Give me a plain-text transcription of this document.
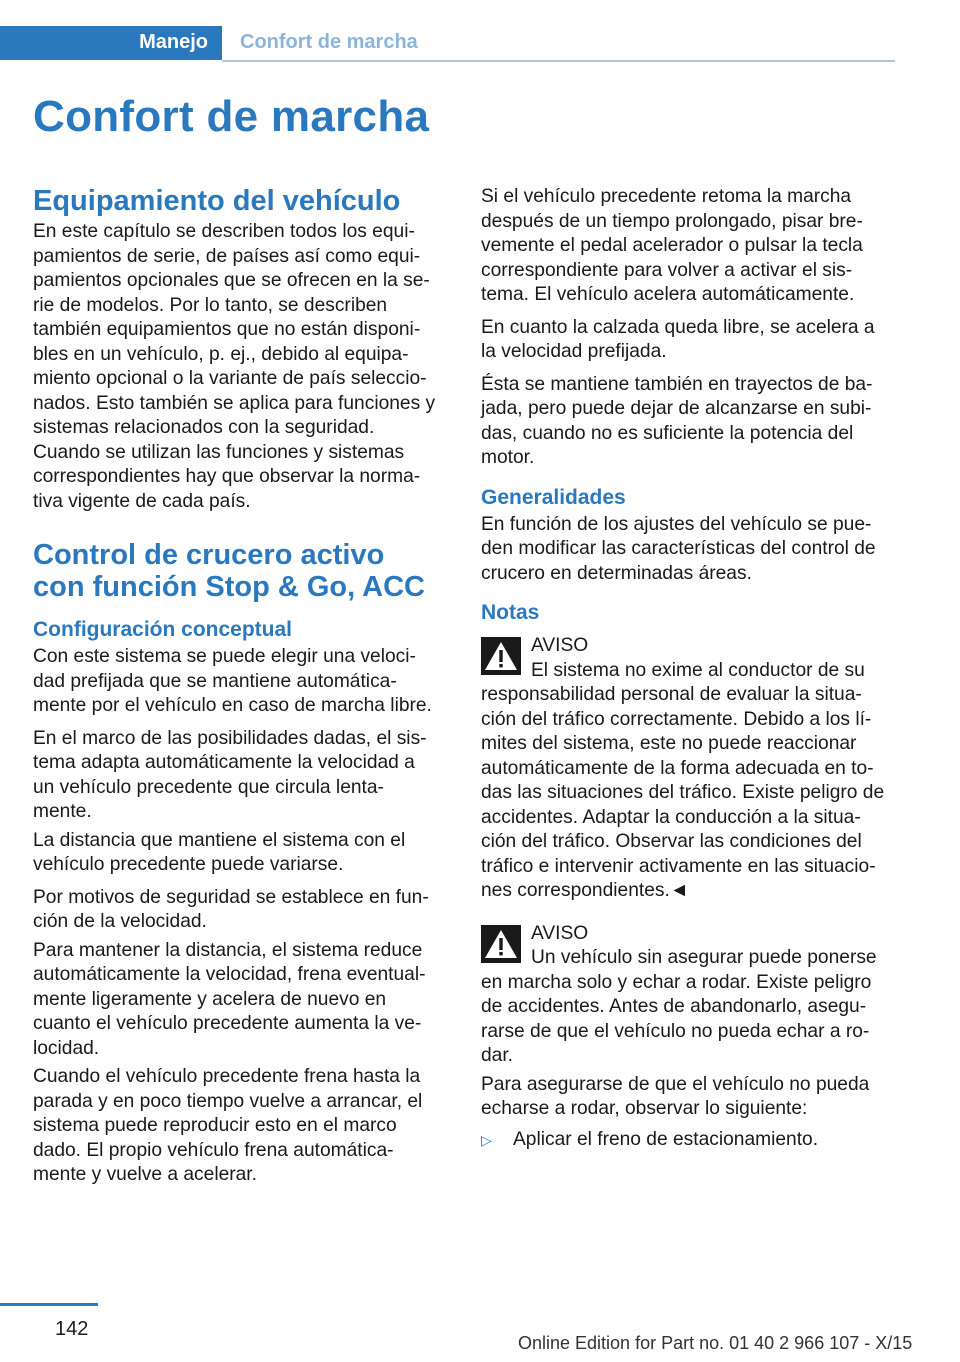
Manejo Confort de marcha
Confort de marcha
Equipamiento del vehículo

En este capítulo se describen todos los equi-
pamientos de serie, de países así como equi-
pamientos opcionales que se ofrecen en la se-
rie de modelos. Por lo tanto, se describen
también equipamientos que no están disponi-
bles en un vehículo, p. ej., debido al equipa-
miento opcional o la variante de país seleccio-
nados. Esto también se aplica para funciones y
sistemas relacionados con la seguridad.
Cuando se utilizan las funciones y sistemas
correspondientes hay que observar la norma-
tiva vigente de cada país.

Control de crucero activo
con función Stop & Go, ACC
Configuración conceptual

Con este sistema se puede elegir una veloci-
dad prefijada que se mantiene automática-
mente por el vehículo en caso de marcha libre.

En el marco de las posibilidades dadas, el sis-
tema adapta automáticamente la velocidad a
un vehículo precedente que circula lenta-
mente.

La distancia que mantiene el sistema con el
vehículo precedente puede variarse.

Por motivos de seguridad se establece en fun-
ción de la velocidad.

Para mantener la distancia, el sistema reduce
automáticamente la velocidad, frena eventual-
mente ligeramente y acelera de nuevo en
cuanto el vehículo precedente aumenta la ve-
locidad.

Cuando el vehículo precedente frena hasta la
parada y en poco tiempo vuelve a arrancar, el
sistema puede reproducir esto en el marco
dado. El propio vehículo frena automática-
mente y vuelve a acelerar.

Si el vehículo precedente retoma la marcha
después de un tiempo prolongado, pisar bre-
vemente el pedal acelerador o pulsar la tecla
correspondiente para volver a activar el sis-
tema. El vehículo acelera automáticamente.

En cuanto la calzada queda libre, se acelera a
la velocidad prefijada.

Ésta se mantiene también en trayectos de ba-
jada, pero puede dejar de alcanzarse en subi-
das, cuando no es suficiente la potencia del
motor.

Generalidades

En función de los ajustes del vehículo se pue-
den modificar las características del control de
crucero en determinadas áreas.

Notas
AVISO
El sistema no exime al conductor de su

responsabilidad personal de evaluar la situa-
ción del tráfico correctamente. Debido a los lí-
mites del sistema, este no puede reaccionar
automáticamente de la forma adecuada en to-
das las situaciones del tráfico. Existe peligro de
accidentes. Adaptar la conducción a la situa-
ción del tráfico. Observar las condiciones del
tráfico e intervenir activamente en las situacio-
nes correspondientes.◄

AVISO
Un vehículo sin asegurar puede ponerse

en marcha solo y echar a rodar. Existe peligro
de accidentes. Antes de abandonarlo, asegu-
rarse de que el vehículo no pueda echar a ro-
dar.

Para asegurarse de que el vehículo no pueda
echarse a rodar, observar lo siguiente:

▷	Aplicar el freno de estacionamiento.
142
Online Edition for Part no. 01 40 2 966 107 - X/15
